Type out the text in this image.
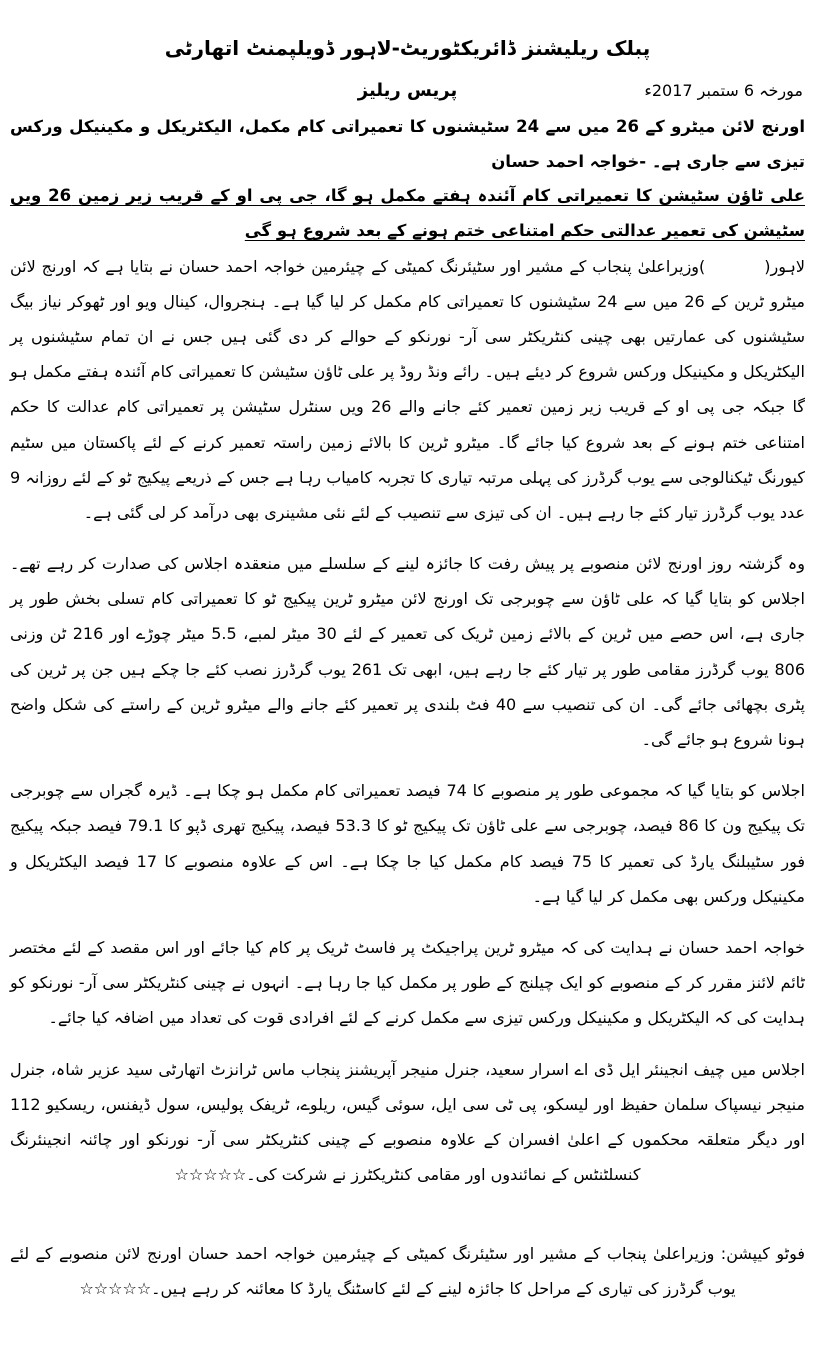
پبلک ریلیشنز ڈائریکٹوریٹ-لاہور ڈویلپمنٹ اتھارٹی
مورخہ 6 ستمبر 2017ء
پریس ریلیز

اورنج لائن میٹرو کے 26 میں سے 24 سٹیشنوں کا تعمیراتی کام مکمل، الیکٹریکل و مکینیکل ورکس تیزی سے جاری ہے۔ -خواجہ احمد حسان

علی ٹاؤن سٹیشن کا تعمیراتی کام آئندہ ہفتے مکمل ہو گا، جی پی او کے قریب زیر زمین 26 ویں سٹیشن کی تعمیر عدالتی حکم امتناعی ختم ہونے کے بعد شروع ہو گی

لاہور(          )وزیراعلیٰ پنجاب کے مشیر اور سٹیئرنگ کمیٹی کے چیئرمین خواجہ احمد حسان نے بتایا ہے کہ اورنج لائن میٹرو ٹرین کے 26 میں سے 24 سٹیشنوں کا تعمیراتی کام مکمل کر لیا گیا ہے۔ ہنجروال، کینال ویو اور ٹھوکر نیاز بیگ سٹیشنوں کی عمارتیں بھی چینی کنٹریکٹر سی آر- نورنکو کے حوالے کر دی گئی ہیں جس نے ان تمام سٹیشنوں پر الیکٹریکل و مکینیکل ورکس شروع کر دیئے ہیں۔ رائے ونڈ روڈ پر علی ٹاؤن سٹیشن کا تعمیراتی کام آئندہ ہفتے مکمل ہو گا جبکہ جی پی او کے قریب زیر زمین تعمیر کئے جانے والے 26 ویں سنٹرل سٹیشن پر تعمیراتی کام عدالت کا حکم امتناعی ختم ہونے کے بعد شروع کیا جائے گا۔ میٹرو ٹرین کا بالائے زمین راستہ تعمیر کرنے کے لئے پاکستان میں سٹیم کیورنگ ٹیکنالوجی سے یوب گرڈرز کی پہلی مرتبہ تیاری کا تجربہ کامیاب رہا ہے جس کے ذریعے پیکیج ٹو کے لئے روزانہ 9 عدد یوب گرڈرز تیار کئے جا رہے ہیں۔ ان کی تیزی سے تنصیب کے لئے نئی مشینری بھی درآمد کر لی گئی ہے۔

وہ گزشتہ روز اورنج لائن منصوبے پر پیش رفت کا جائزہ لینے کے سلسلے میں منعقدہ اجلاس کی صدارت کر رہے تھے۔ اجلاس کو بتایا گیا کہ علی ٹاؤن سے چوبرجی تک اورنج لائن میٹرو ٹرین پیکیج ٹو کا تعمیراتی کام تسلی بخش طور پر جاری ہے، اس حصے میں ٹرین کے بالائے زمین ٹریک کی تعمیر کے لئے 30 میٹر لمبے، 5.5 میٹر چوڑے اور 216 ٹن وزنی 806 یوب گرڈرز مقامی طور پر تیار کئے جا رہے ہیں، ابھی تک 261 یوب گرڈرز نصب کئے جا چکے ہیں جن پر ٹرین کی پٹری بچھائی جائے گی۔ ان کی تنصیب سے 40 فٹ بلندی پر تعمیر کئے جانے والے میٹرو ٹرین کے راستے کی شکل واضح ہونا شروع ہو جائے گی۔

اجلاس کو بتایا گیا کہ مجموعی طور پر منصوبے کا 74 فیصد تعمیراتی کام مکمل ہو چکا ہے۔ ڈیرہ گجراں سے چوبرجی تک پیکیج ون کا 86 فیصد، چوبرجی سے علی ٹاؤن تک پیکیج ٹو کا 53.3 فیصد، پیکیج تھری ڈپو کا 79.1 فیصد جبکہ پیکیج فور سٹیبلنگ یارڈ کی تعمیر کا 75 فیصد کام مکمل کیا جا چکا ہے۔ اس کے علاوہ منصوبے کا 17 فیصد الیکٹریکل و مکینیکل ورکس بھی مکمل کر لیا گیا ہے۔

خواجہ احمد حسان نے ہدایت کی کہ میٹرو ٹرین پراجیکٹ پر فاسٹ ٹریک پر کام کیا جائے اور اس مقصد کے لئے مختصر ٹائم لائنز مقرر کر کے منصوبے کو ایک چیلنج کے طور پر مکمل کیا جا رہا ہے۔ انہوں نے چینی کنٹریکٹر سی آر- نورنکو کو ہدایت کی کہ الیکٹریکل و مکینیکل ورکس تیزی سے مکمل کرنے کے لئے افرادی قوت کی تعداد میں اضافہ کیا جائے۔

اجلاس میں چیف انجینئر ایل ڈی اے اسرار سعید، جنرل منیجر آپریشنز پنجاب ماس ٹرانزٹ اتھارٹی سید عزیر شاہ، جنرل منیجر نیسپاک سلمان حفیظ اور لیسکو، پی ٹی سی ایل، سوئی گیس، ریلوے، ٹریفک پولیس، سول ڈیفنس، ریسکیو 112 اور دیگر متعلقہ محکموں کے اعلیٰ افسران کے علاوہ منصوبے کے چینی کنٹریکٹر سی آر- نورنکو اور چائنہ انجینئرنگ کنسلٹنٹس کے نمائندوں اور مقامی کنٹریکٹرز نے شرکت کی۔☆☆☆☆☆

فوٹو کیپشن: وزیراعلیٰ پنجاب کے مشیر اور سٹیئرنگ کمیٹی کے چیئرمین خواجہ احمد حسان اورنج لائن منصوبے کے لئے یوب گرڈرز کی تیاری کے مراحل کا جائزہ لینے کے لئے کاسٹنگ یارڈ کا معائنہ کر رہے ہیں۔☆☆☆☆☆
